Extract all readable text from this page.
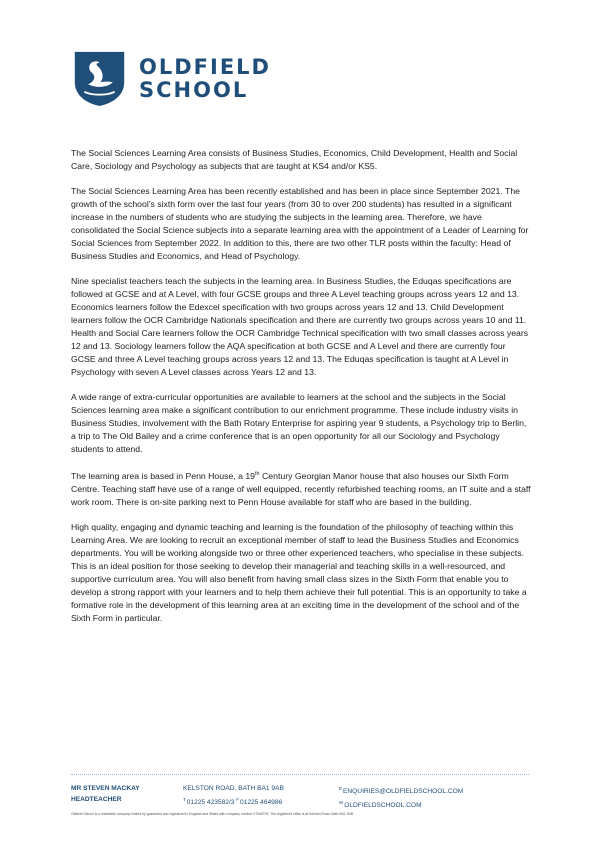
OLDFIELD
SCHOOL

The Social Sciences Learning Area consists of Business Studies, Economics, Child Development, Health and Social Care, Sociology and Psychology as subjects that are taught at KS4 and/or KS5.

The Social Sciences Learning Area has been recently established and has been in place since September 2021. The growth of the school’s sixth form over the last four years (from 30 to over 200 students) has resulted in a significant increase in the numbers of students who are studying the subjects in the learning area. Therefore, we have consolidated the Social Science subjects into a separate learning area with the appointment of a Leader of Learning for Social Sciences from September 2022. In addition to this, there are two other TLR posts within the faculty: Head of Business Studies and Economics, and Head of Psychology.

Nine specialist teachers teach the subjects in the learning area. In Business Studies, the Eduqas specifications are followed at GCSE and at A Level, with four GCSE groups and three A Level teaching groups across years 12 and 13. Economics learners follow the Edexcel specification with two groups across years 12 and 13. Child Development learners follow the OCR Cambridge Nationals specification and there are currently two groups across years 10 and 11. Health and Social Care learners follow the OCR Cambridge Technical specification with two small classes across years 12 and 13. Sociology learners follow the AQA specification at both GCSE and A Level and there are currently four GCSE and three A Level teaching groups across years 12 and 13. The Eduqas specification is taught at A Level in Psychology with seven A Level classes across Years 12 and 13.

A wide range of extra-curricular opportunities are available to learners at the school and the subjects in the Social Sciences learning area make a significant contribution to our enrichment programme. These include industry visits in Business Studies, involvement with the Bath Rotary Enterprise for aspiring year 9 students, a Psychology trip to Berlin, a trip to The Old Bailey and a crime conference that is an open opportunity for all our Sociology and Psychology students to attend.

The learning area is based in Penn House, a 19th Century Georgian Manor house that also houses our Sixth Form Centre. Teaching staff have use of a range of well equipped, recently refurbished teaching rooms, an IT suite and a staff work room. There is on-site parking next to Penn House available for staff who are based in the building.

High quality, engaging and dynamic teaching and learning is the foundation of the philosophy of teaching within this Learning Area. We are looking to recruit an exceptional member of staff to lead the Business Studies and Economics departments. You will be working alongside two or three other experienced teachers, who specialise in these subjects. This is an ideal position for those seeking to develop their managerial and teaching skills in a well-resourced, and supportive curriculum area. You will also benefit from having small class sizes in the Sixth Form that enable you to develop a strong rapport with your learners and to help them achieve their full potential. This is an opportunity to take a formative role in the development of this learning area at an exciting time in the development of the school and of the Sixth Form in particular.

MR STEVEN MACKAY
HEADTEACHER
KELSTON ROAD, BATH BA1 9AB
$^T$01225 423582/3 $^F$01225 464986
$^E$ENQUIRIES@OLDFIELDSCHOOL.COM
$^W$OLDFIELDSCHOOL.COM
Oldfield School is a charitable company limited by guarantee and registered in England and Wales with company number 07545793. The registered office is at Kelston Road, Bath BA1 9AB
